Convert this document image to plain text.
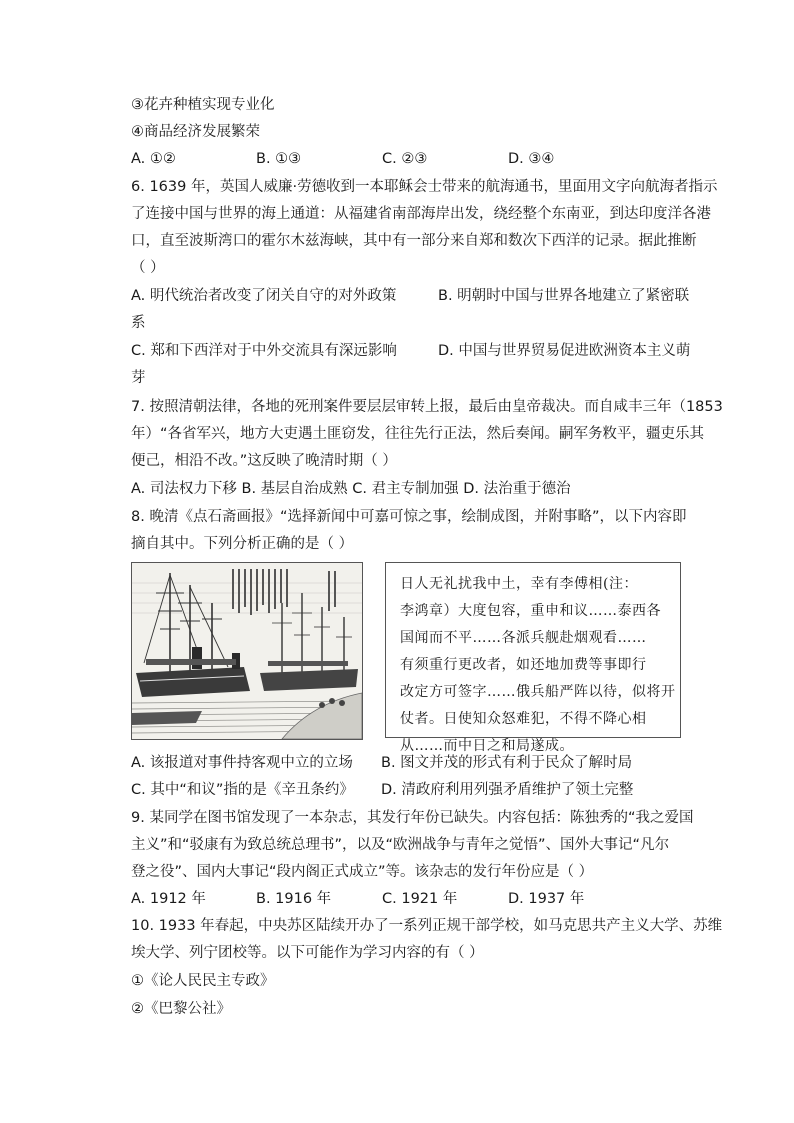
③花卉种植实现专业化
④商品经济发展繁荣
A. ①②	B. ①③	C. ②③	D. ③④
6. 1639 年，英国人威廉·劳德收到一本耶稣会士带来的航海通书，里面用文字向航海者指示
了连接中国与世界的海上通道：从福建省南部海岸出发，绕经整个东南亚，到达印度洋各港
口，直至波斯湾口的霍尔木兹海峡，其中有一部分来自郑和数次下西洋的记录。据此推断
（ ）
A. 明代统治者改变了闭关自守的对外政策	B. 明朝时中国与世界各地建立了紧密联
系
C. 郑和下西洋对于中外交流具有深远影响	D. 中国与世界贸易促进欧洲资本主义萌
芽
7. 按照清朝法律，各地的死刑案件要层层审转上报，最后由皇帝裁决。而自咸丰三年（1853
年）“各省军兴，地方大吏遇土匪窃发，往往先行正法，然后奏闻。嗣军务敉平，疆吏乐其
便己，相沿不改。”这反映了晚清时期（ ）
A. 司法权力下移 B. 基层自治成熟 C. 君主专制加强 D. 法治重于德治
8. 晚清《点石斋画报》“选择新闻中可嘉可惊之事，绘制成图，并附事略”，以下内容即
摘自其中。下列分析正确的是（ ）
日人无礼扰我中土，幸有李傅相(注：
李鸿章）大度包容，重申和议……泰西各
国闻而不平……各派兵舰赴烟观看……
有须重行更改者，如还地加费等事即行
改定方可签字……俄兵船严阵以待，似将开
仗者。日使知众怒难犯，不得不降心相
从……而中日之和局遂成。
A. 该报道对事件持客观中立的立场 B. 图文并茂的形式有利于民众了解时局
C. 其中“和议”指的是《辛丑条约》 D. 清政府利用列强矛盾维护了领土完整
9. 某同学在图书馆发现了一本杂志，其发行年份已缺失。内容包括：陈独秀的“我之爱国
主义”和“驳康有为致总统总理书”，以及“欧洲战争与青年之觉悟”、国外大事记“凡尔
登之役”、国内大事记“段内阁正式成立”等。该杂志的发行年份应是（ ）
A. 1912 年	B. 1916 年	C. 1921 年	D. 1937 年
10. 1933 年春起，中央苏区陆续开办了一系列正规干部学校，如马克思共产主义大学、苏维
埃大学、列宁团校等。以下可能作为学习内容的有（ ）
①《论人民民主专政》
②《巴黎公社》
